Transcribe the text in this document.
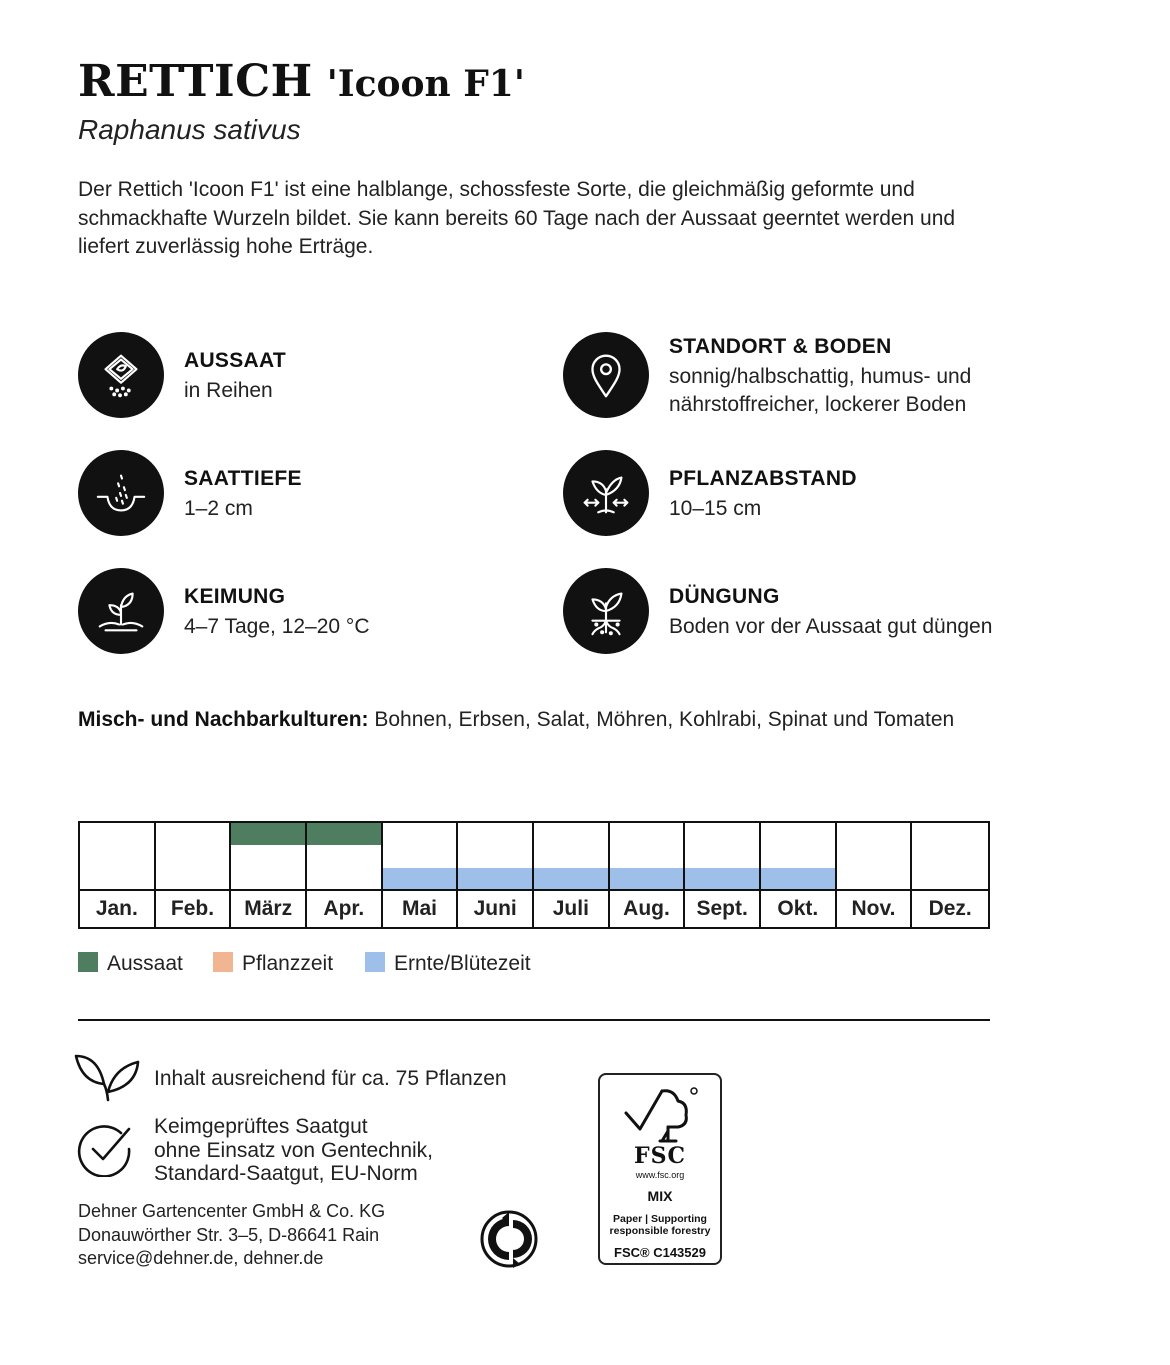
RETTICH 'Icoon F1'
Raphanus sativus
Der Rettich 'Icoon F1' ist eine halblange, schossfeste Sorte, die gleichmäßig geformte und schmackhafte Wurzeln bildet. Sie kann bereits 60 Tage nach der Aussaat geerntet werden und liefert zuverlässig hohe Erträge.
AUSSAAT
in Reihen
STANDORT & BODEN
sonnig/halbschattig, humus- und
nährstoffreicher, lockerer Boden
SAATTIEFE
1–2 cm
PFLANZABSTAND
10–15 cm
KEIMUNG
4–7 Tage, 12–20 °C
DÜNGUNG
Boden vor der Aussaat gut düngen
Misch- und Nachbarkulturen: Bohnen, Erbsen, Salat, Möhren, Kohlrabi, Spinat und Tomaten
Jan.	Feb.	März	Apr.	Mai	Juni	Juli	Aug.	Sept.	Okt.	Nov.	Dez.
Aussaat	Pflanzzeit	Ernte/Blütezeit
Inhalt ausreichend für ca. 75 Pflanzen
Keimgeprüftes Saatgut
ohne Einsatz von Gentechnik,
Standard-Saatgut, EU-Norm
Dehner Gartencenter GmbH & Co. KG
Donauwörther Str. 3–5, D-86641 Rain
service@dehner.de, dehner.de
FSC
www.fsc.org
MIX
Paper | Supporting
responsible forestry
FSC® C143529
